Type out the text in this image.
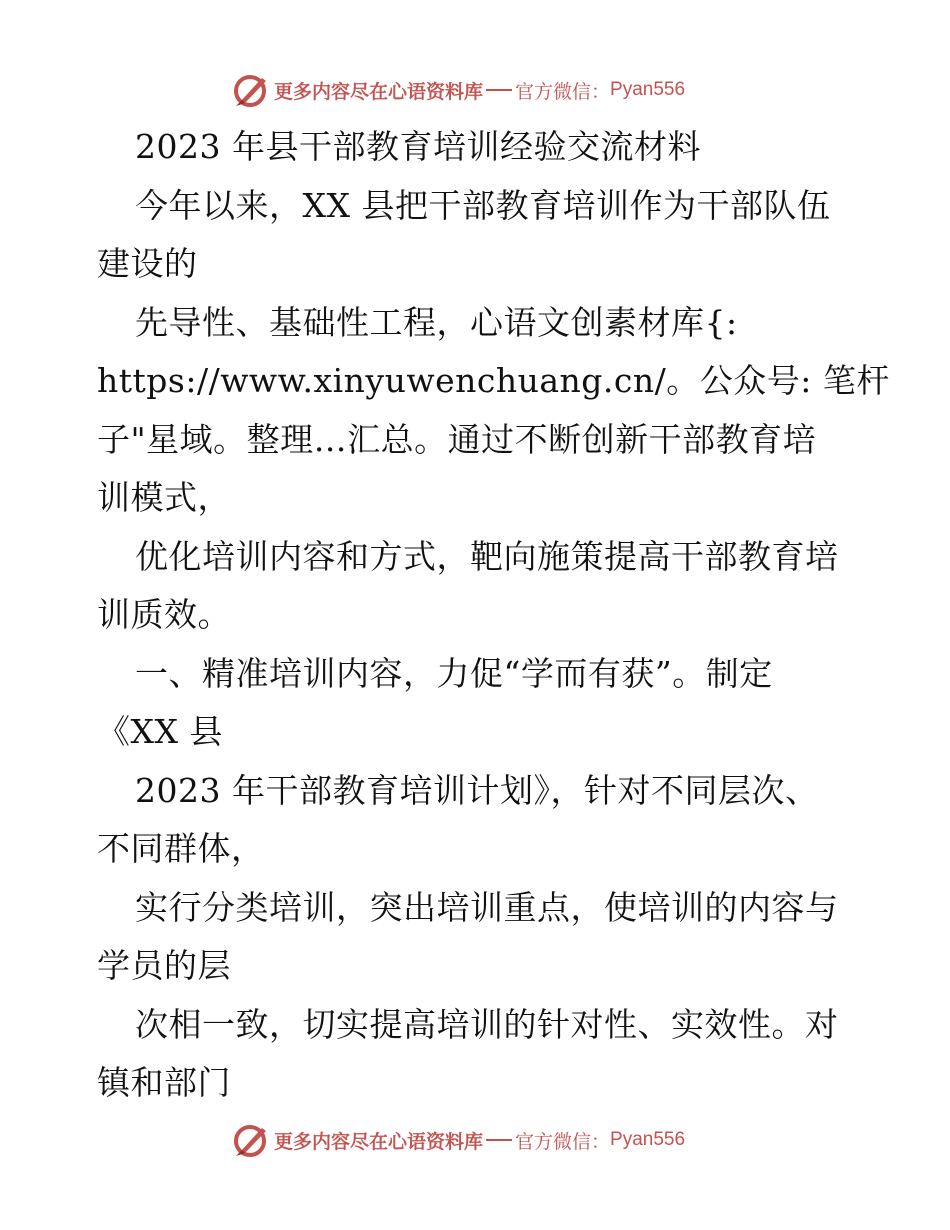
更多内容尽在心语资料库 官方微信： Pyan556
2023 年县干部教育培训经验交流材料
今年以来，XX 县把干部教育培训作为干部队伍
建设的
先导性、基础性工程，心语文创素材库{:
https://www.xinyuwenchuang.cn/。公众号: 笔杆
子"星域。整理…汇总。通过不断创新干部教育培
训模式，
优化培训内容和方式，靶向施策提高干部教育培
训质效。
一、精准培训内容，力促“学而有获”。制定
《XX 县
2023 年干部教育培训计划》，针对不同层次、
不同群体，
实行分类培训，突出培训重点，使培训的内容与
学员的层
次相一致，切实提高培训的针对性、实效性。对
镇和部门
更多内容尽在心语资料库 官方微信： Pyan556
